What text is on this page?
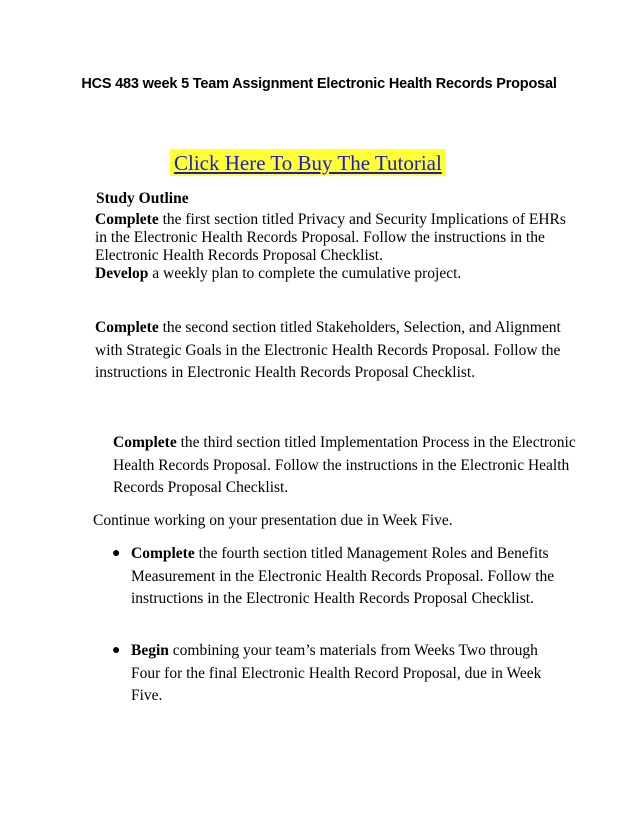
HCS 483 week 5 Team Assignment Electronic Health Records Proposal
Click Here To Buy The Tutorial
Study Outline

Complete the first section titled Privacy and Security Implications of EHRs in the Electronic Health Records Proposal. Follow the instructions in the Electronic Health Records Proposal Checklist.
Develop a weekly plan to complete the cumulative project.

Complete the second section titled Stakeholders, Selection, and Alignment with Strategic Goals in the Electronic Health Records Proposal. Follow the instructions in Electronic Health Records Proposal Checklist.

Complete the third section titled Implementation Process in the Electronic Health Records Proposal. Follow the instructions in the Electronic Health Records Proposal Checklist.

Continue working on your presentation due in Week Five.

● Complete the fourth section titled Management Roles and Benefits Measurement in the Electronic Health Records Proposal. Follow the instructions in the Electronic Health Records Proposal Checklist.
● Begin combining your team’s materials from Weeks Two through Four for the final Electronic Health Record Proposal, due in Week Five.
